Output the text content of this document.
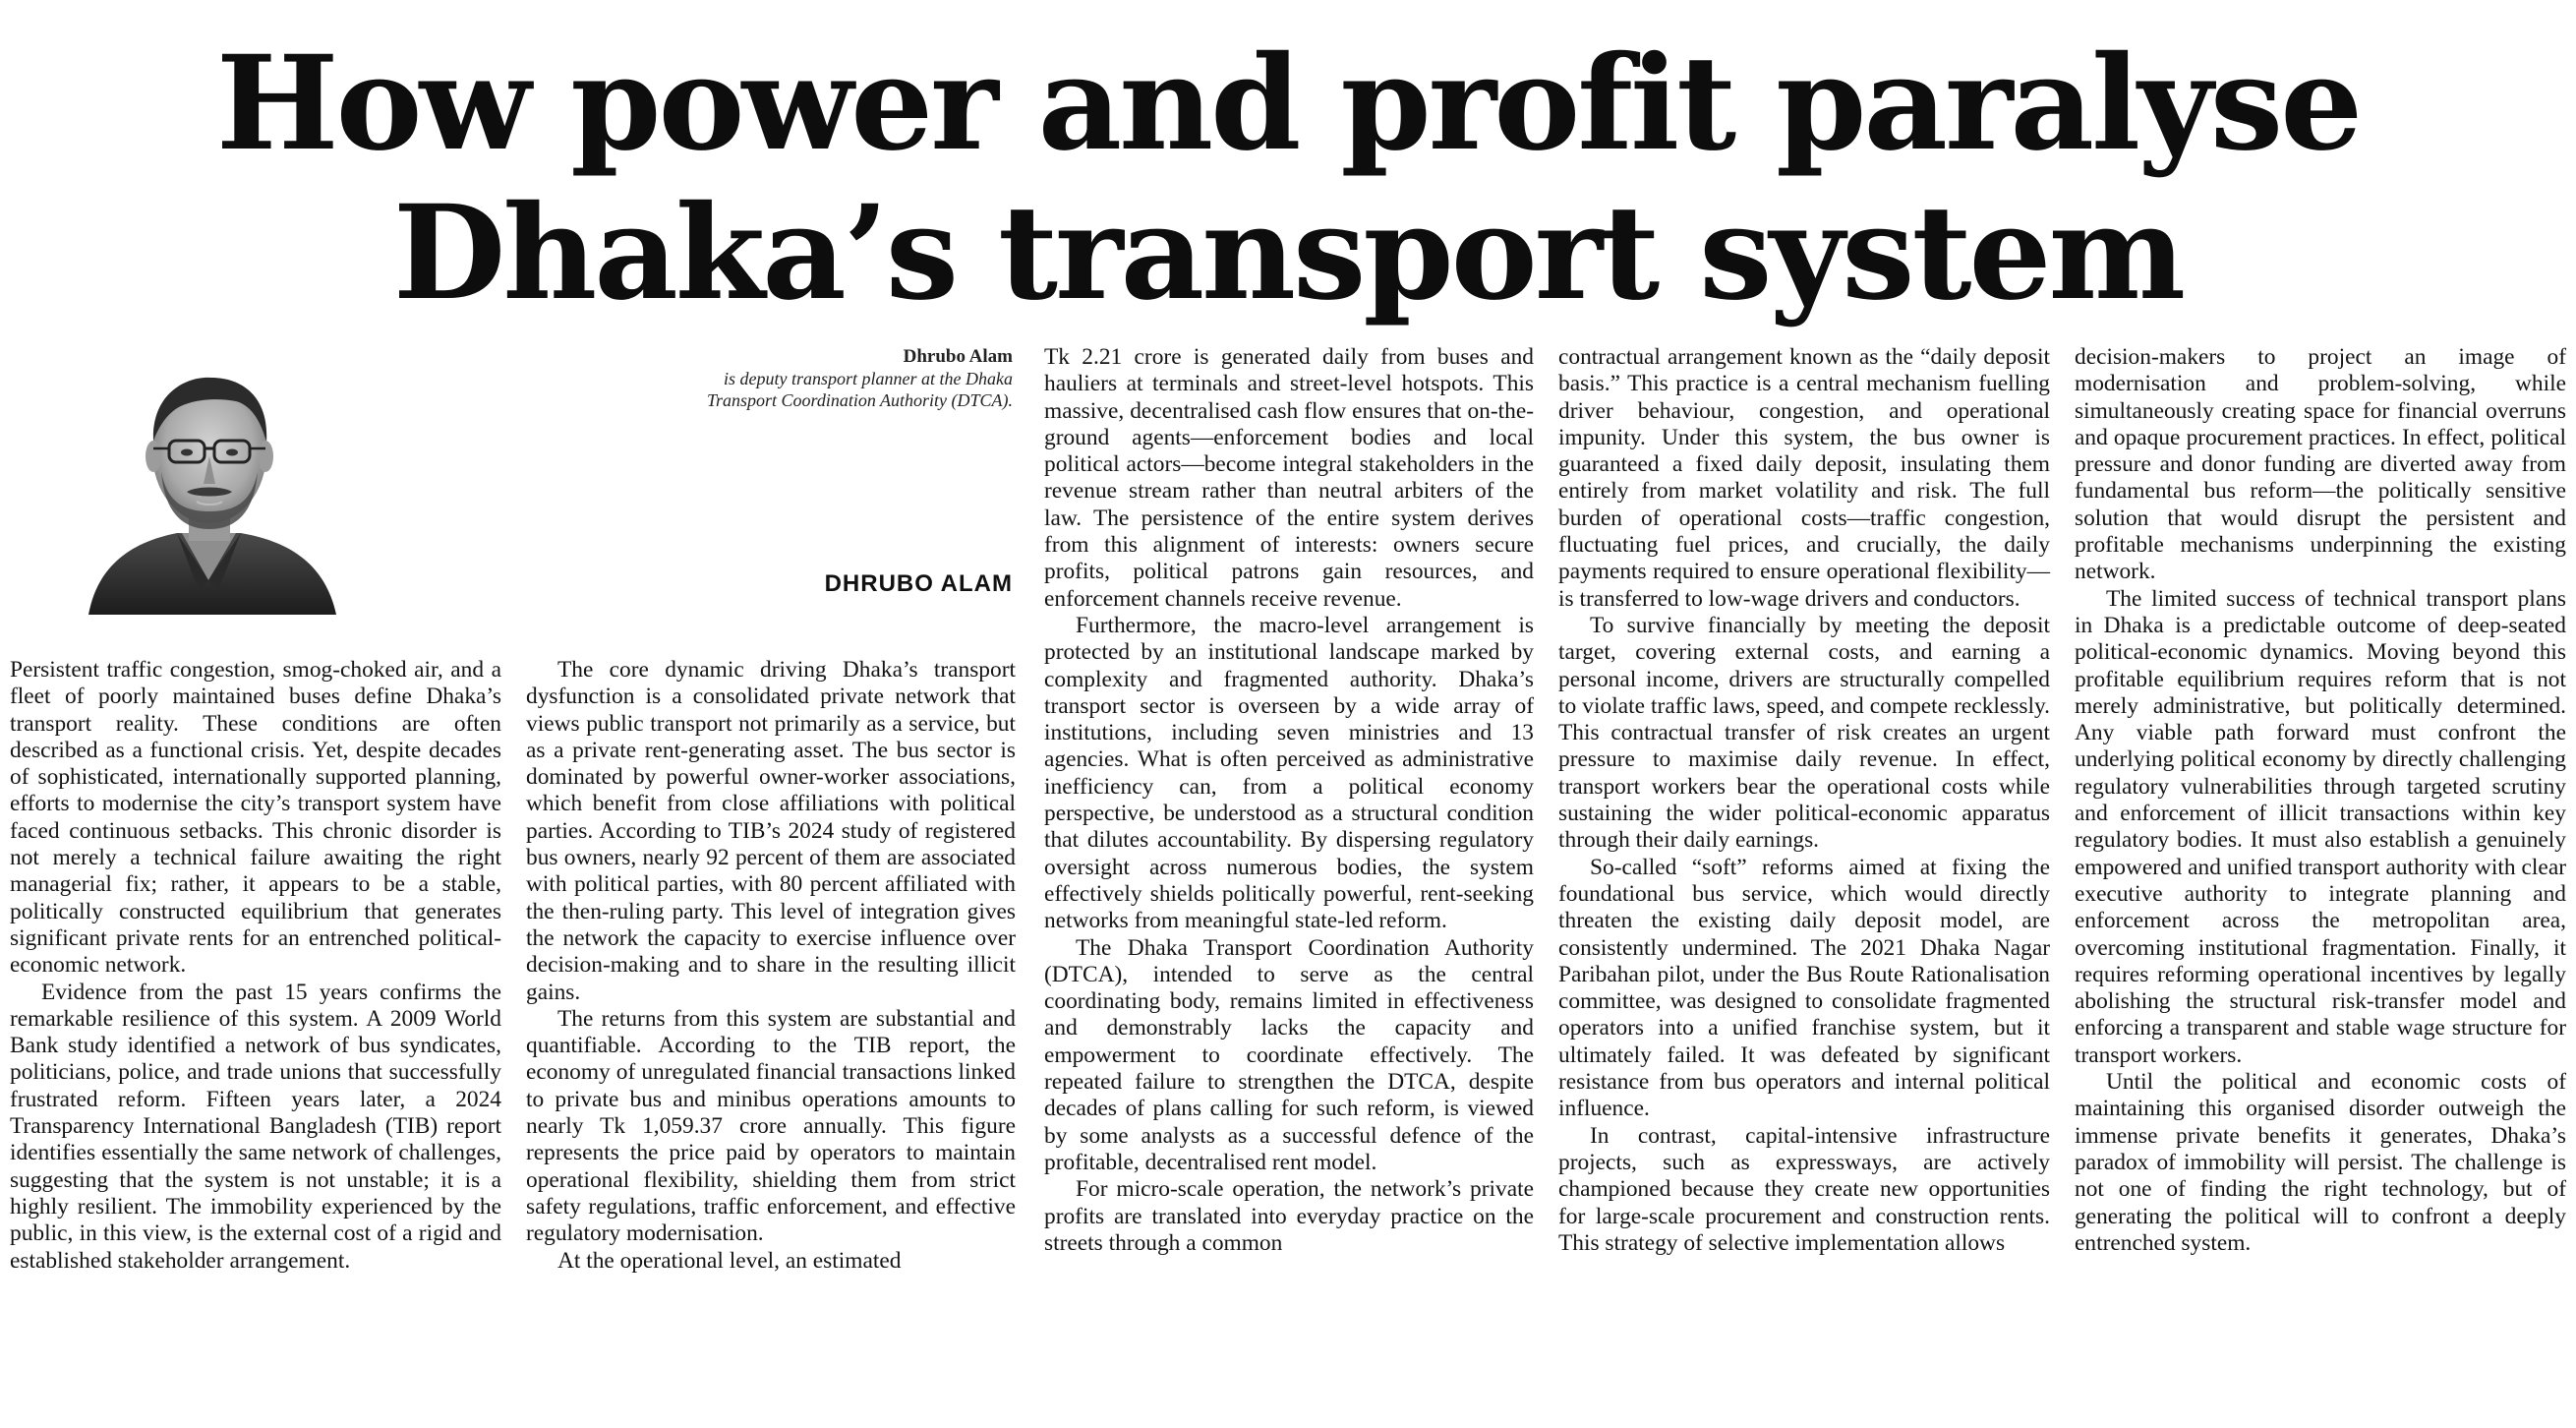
How power and profit paralyse
Dhaka’s transport system
Dhrubo Alam
is deputy transport planner at the Dhaka
Transport Coordination Authority (DTCA).
DHRUBO ALAM

Persistent traffic congestion, smog-choked air, and a fleet of poorly maintained buses define Dhaka’s transport reality. These conditions are often described as a functional crisis. Yet, despite decades of sophisticated, internationally supported planning, efforts to modernise the city’s transport system have faced continuous setbacks. This chronic disorder is not merely a technical failure awaiting the right managerial fix; rather, it appears to be a stable, politically constructed equilibrium that generates significant private rents for an entrenched political-economic network.

Evidence from the past 15 years confirms the remarkable resilience of this system. A 2009 World Bank study identified a network of bus syndicates, politicians, police, and trade unions that successfully frustrated reform. Fifteen years later, a 2024 Transparency International Bangladesh (TIB) report identifies essentially the same network of challenges, suggesting that the system is not unstable; it is a highly resilient. The immobility experienced by the public, in this view, is the external cost of a rigid and established stakeholder arrangement.

The core dynamic driving Dhaka’s transport dysfunction is a consolidated private network that views public transport not primarily as a service, but as a private rent-generating asset. The bus sector is dominated by powerful owner-worker associations, which benefit from close affiliations with political parties. According to TIB’s 2024 study of registered bus owners, nearly 92 percent of them are associated with political parties, with 80 percent affiliated with the then-ruling party. This level of integration gives the network the capacity to exercise influence over decision-making and to share in the resulting illicit gains.

The returns from this system are substantial and quantifiable. According to the TIB report, the economy of unregulated financial transactions linked to private bus and minibus operations amounts to nearly Tk 1,059.37 crore annually. This figure represents the price paid by operators to maintain operational flexibility, shielding them from strict safety regulations, traffic enforcement, and effective regulatory modernisation.

At the operational level, an estimated

Tk 2.21 crore is generated daily from buses and hauliers at terminals and street-level hotspots. This massive, decentralised cash flow ensures that on-the-ground agents—enforcement bodies and local political actors—become integral stakeholders in the revenue stream rather than neutral arbiters of the law. The persistence of the entire system derives from this alignment of interests: owners secure profits, political patrons gain resources, and enforcement channels receive revenue.

Furthermore, the macro-level arrangement is protected by an institutional landscape marked by complexity and fragmented authority. Dhaka’s transport sector is overseen by a wide array of institutions, including seven ministries and 13 agencies. What is often perceived as administrative inefficiency can, from a political economy perspective, be understood as a structural condition that dilutes accountability. By dispersing regulatory oversight across numerous bodies, the system effectively shields politically powerful, rent-seeking networks from meaningful state-led reform.

The Dhaka Transport Coordination Authority (DTCA), intended to serve as the central coordinating body, remains limited in effectiveness and demonstrably lacks the capacity and empowerment to coordinate effectively. The repeated failure to strengthen the DTCA, despite decades of plans calling for such reform, is viewed by some analysts as a successful defence of the profitable, decentralised rent model.

For micro-scale operation, the network’s private profits are translated into everyday practice on the streets through a common

contractual arrangement known as the “daily deposit basis.” This practice is a central mechanism fuelling driver behaviour, congestion, and operational impunity. Under this system, the bus owner is guaranteed a fixed daily deposit, insulating them entirely from market volatility and risk. The full burden of operational costs—traffic congestion, fluctuating fuel prices, and crucially, the daily payments required to ensure operational flexibility—is transferred to low-wage drivers and conductors.

To survive financially by meeting the deposit target, covering external costs, and earning a personal income, drivers are structurally compelled to violate traffic laws, speed, and compete recklessly. This contractual transfer of risk creates an urgent pressure to maximise daily revenue. In effect, transport workers bear the operational costs while sustaining the wider political-economic apparatus through their daily earnings.

So-called “soft” reforms aimed at fixing the foundational bus service, which would directly threaten the existing daily deposit model, are consistently undermined. The 2021 Dhaka Nagar Paribahan pilot, under the Bus Route Rationalisation committee, was designed to consolidate fragmented operators into a unified franchise system, but it ultimately failed. It was defeated by significant resistance from bus operators and internal political influence.

In contrast, capital-intensive infrastructure projects, such as expressways, are actively championed because they create new opportunities for large-scale procurement and construction rents. This strategy of selective implementation allows

decision-makers to project an image of modernisation and problem-solving, while simultaneously creating space for financial overruns and opaque procurement practices. In effect, political pressure and donor funding are diverted away from fundamental bus reform—the politically sensitive solution that would disrupt the persistent and profitable mechanisms underpinning the existing network.

The limited success of technical transport plans in Dhaka is a predictable outcome of deep-seated political-economic dynamics. Moving beyond this profitable equilibrium requires reform that is not merely administrative, but politically determined. Any viable path forward must confront the underlying political economy by directly challenging regulatory vulnerabilities through targeted scrutiny and enforcement of illicit transactions within key regulatory bodies. It must also establish a genuinely empowered and unified transport authority with clear executive authority to integrate planning and enforcement across the metropolitan area, overcoming institutional fragmentation. Finally, it requires reforming operational incentives by legally abolishing the structural risk-transfer model and enforcing a transparent and stable wage structure for transport workers.

Until the political and economic costs of maintaining this organised disorder outweigh the immense private benefits it generates, Dhaka’s paradox of immobility will persist. The challenge is not one of finding the right technology, but of generating the political will to confront a deeply entrenched system.
